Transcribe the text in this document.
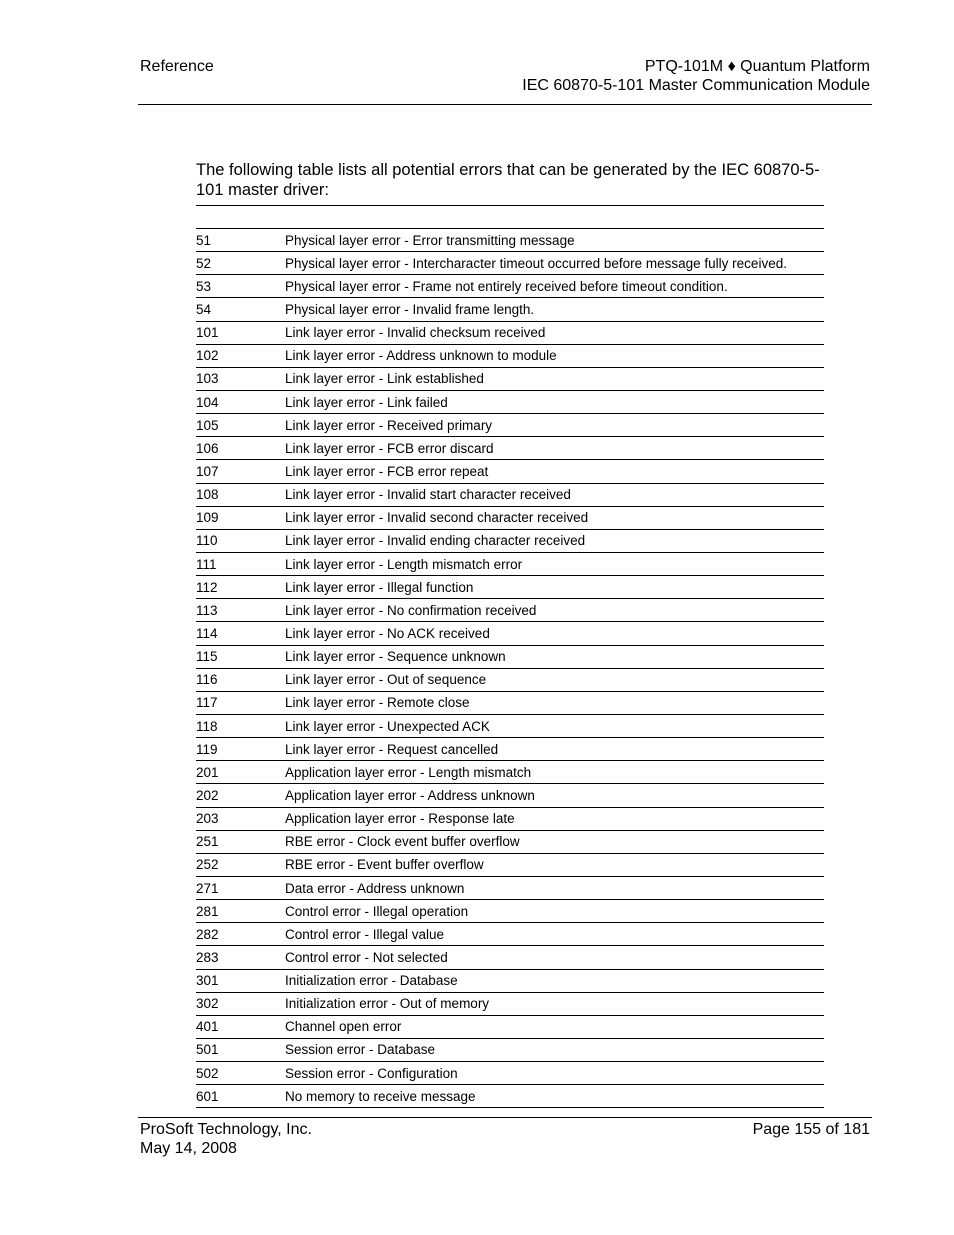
Reference	PTQ-101M ♦ Quantum Platform
IEC 60870-5-101 Master Communication Module
The following table lists all potential errors that can be generated by the IEC 60870-5-101 master driver:
51	Physical layer error - Error transmitting message
52	Physical layer error - Intercharacter timeout occurred before message fully received.
53	Physical layer error - Frame not entirely received before timeout condition.
54	Physical layer error - Invalid frame length.
101	Link layer error - Invalid checksum received
102	Link layer error - Address unknown to module
103	Link layer error - Link established
104	Link layer error - Link failed
105	Link layer error - Received primary
106	Link layer error - FCB error discard
107	Link layer error - FCB error repeat
108	Link layer error - Invalid start character received
109	Link layer error - Invalid second character received
110	Link layer error - Invalid ending character received
111	Link layer error - Length mismatch error
112	Link layer error - Illegal function
113	Link layer error - No confirmation received
114	Link layer error - No ACK received
115	Link layer error - Sequence unknown
116	Link layer error - Out of sequence
117	Link layer error - Remote close
118	Link layer error - Unexpected ACK
119	Link layer error - Request cancelled
201	Application layer error - Length mismatch
202	Application layer error - Address unknown
203	Application layer error - Response late
251	RBE error - Clock event buffer overflow
252	RBE error - Event buffer overflow
271	Data error - Address unknown
281	Control error - Illegal operation
282	Control error - Illegal value
283	Control error - Not selected
301	Initialization error - Database
302	Initialization error - Out of memory
401	Channel open error
501	Session error - Database
502	Session error - Configuration
601	No memory to receive message
ProSoft Technology, Inc.
May 14, 2008
Page 155 of 181
